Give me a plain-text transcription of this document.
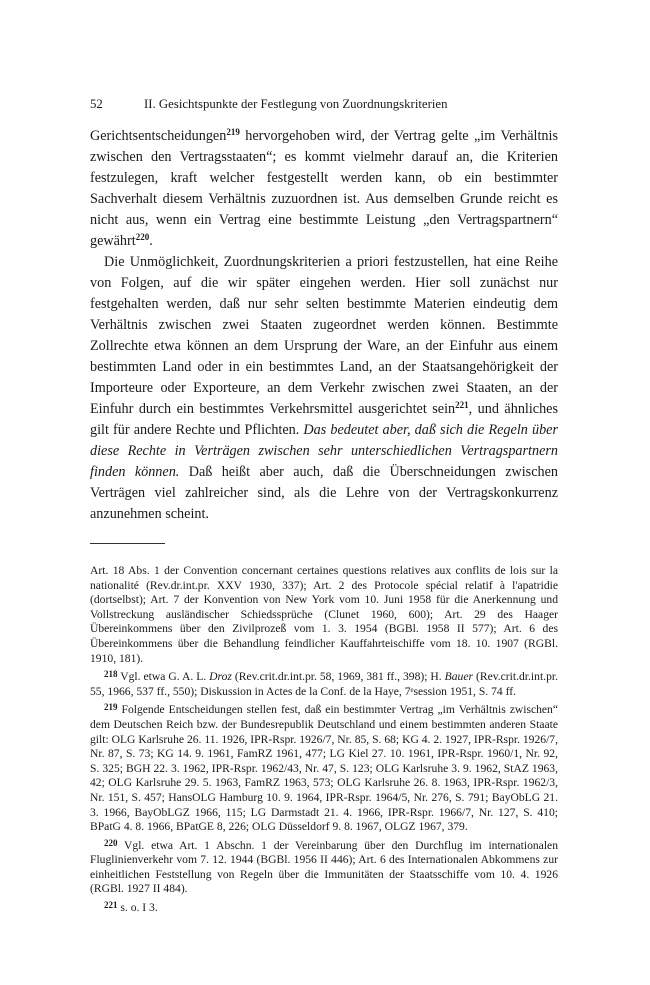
52	II. Gesichtspunkte der Festlegung von Zuordnungskriterien

Gerichtsentscheidungen$^{219}$ hervorgehoben wird, der Vertrag gelte „im Verhältnis zwischen den Vertragsstaaten“; es kommt vielmehr darauf an, die Kriterien festzulegen, kraft welcher festgestellt werden kann, ob ein bestimmter Sachverhalt diesem Verhältnis zuzuordnen ist. Aus demselben Grunde reicht es nicht aus, wenn ein Vertrag eine bestimmte Leistung „den Vertragspartnern“ gewährt$^{220}$.

Die Unmöglichkeit, Zuordnungskriterien a priori festzustellen, hat eine Reihe von Folgen, auf die wir später eingehen werden. Hier soll zunächst nur festgehalten werden, daß nur sehr selten bestimmte Materien eindeutig dem Verhältnis zwischen zwei Staaten zugeordnet werden können. Bestimmte Zollrechte etwa können an dem Ursprung der Ware, an der Einfuhr aus einem bestimmten Land oder in ein bestimmtes Land, an der Staatsangehörigkeit der Importeure oder Exporteure, an dem Verkehr zwischen zwei Staaten, an der Einfuhr durch ein bestimmtes Verkehrsmittel ausgerichtet sein$^{221}$, und ähnliches gilt für andere Rechte und Pflichten. Das bedeutet aber, daß sich die Regeln über diese Rechte in Verträgen zwischen sehr unterschiedlichen Vertragspartnern finden können. Daß heißt aber auch, daß die Überschneidungen zwischen Verträgen viel zahlreicher sind, als die Lehre von der Vertragskonkurrenz anzunehmen scheint.

Art. 18 Abs. 1 der Convention concernant certaines questions relatives aux conflits de lois sur la nationalité (Rev.dr.int.pr. XXV 1930, 337); Art. 2 des Protocole spécial relatif à l'apatridie (dortselbst); Art. 7 der Konvention von New York vom 10. Juni 1958 für die Anerkennung und Vollstreckung ausländischer Schiedssprüche (Clunet 1960, 600); Art. 29 des Haager Übereinkommens über den Zivilprozeß vom 1. 3. 1954 (BGBl. 1958 II 577); Art. 6 des Übereinkommens über die Behandlung feindlicher Kauffahrteischiffe vom 18. 10. 1907 (RGBl. 1910, 181).

$^{218}$ Vgl. etwa G. A. L. Droz (Rev.crit.dr.int.pr. 58, 1969, 381 ff., 398); H. Bauer (Rev.crit.dr.int.pr. 55, 1966, 537 ff., 550); Diskussion in Actes de la Conf. de la Haye, 7ᵉsession 1951, S. 74 ff.

$^{219}$ Folgende Entscheidungen stellen fest, daß ein bestimmter Vertrag „im Verhältnis zwischen“ dem Deutschen Reich bzw. der Bundesrepublik Deutschland und einem bestimmten anderen Staate gilt: OLG Karlsruhe 26. 11. 1926, IPR-Rspr. 1926/7, Nr. 85, S. 68; KG 4. 2. 1927, IPR-Rspr. 1926/7, Nr. 87, S. 73; KG 14. 9. 1961, FamRZ 1961, 477; LG Kiel 27. 10. 1961, IPR-Rspr. 1960/1, Nr. 92, S. 325; BGH 22. 3. 1962, IPR-Rspr. 1962/43, Nr. 47, S. 123; OLG Karlsruhe 3. 9. 1962, StAZ 1963, 42; OLG Karlsruhe 29. 5. 1963, FamRZ 1963, 573; OLG Karlsruhe 26. 8. 1963, IPR-Rspr. 1962/3, Nr. 151, S. 457; HansOLG Hamburg 10. 9. 1964, IPR-Rspr. 1964/5, Nr. 276, S. 791; BayObLG 21. 3. 1966, BayObLGZ 1966, 115; LG Darmstadt 21. 4. 1966, IPR-Rspr. 1966/7, Nr. 127, S. 410; BPatG 4. 8. 1966, BPatGE 8, 226; OLG Düsseldorf 9. 8. 1967, OLGZ 1967, 379.

$^{220}$ Vgl. etwa Art. 1 Abschn. 1 der Vereinbarung über den Durchflug im internationalen Fluglinienverkehr vom 7. 12. 1944 (BGBl. 1956 II 446); Art. 6 des Internationalen Abkommens zur einheitlichen Feststellung von Regeln über die Immunitäten der Staatsschiffe vom 10. 4. 1926 (RGBl. 1927 II 484).

$^{221}$ s. o. I 3.
